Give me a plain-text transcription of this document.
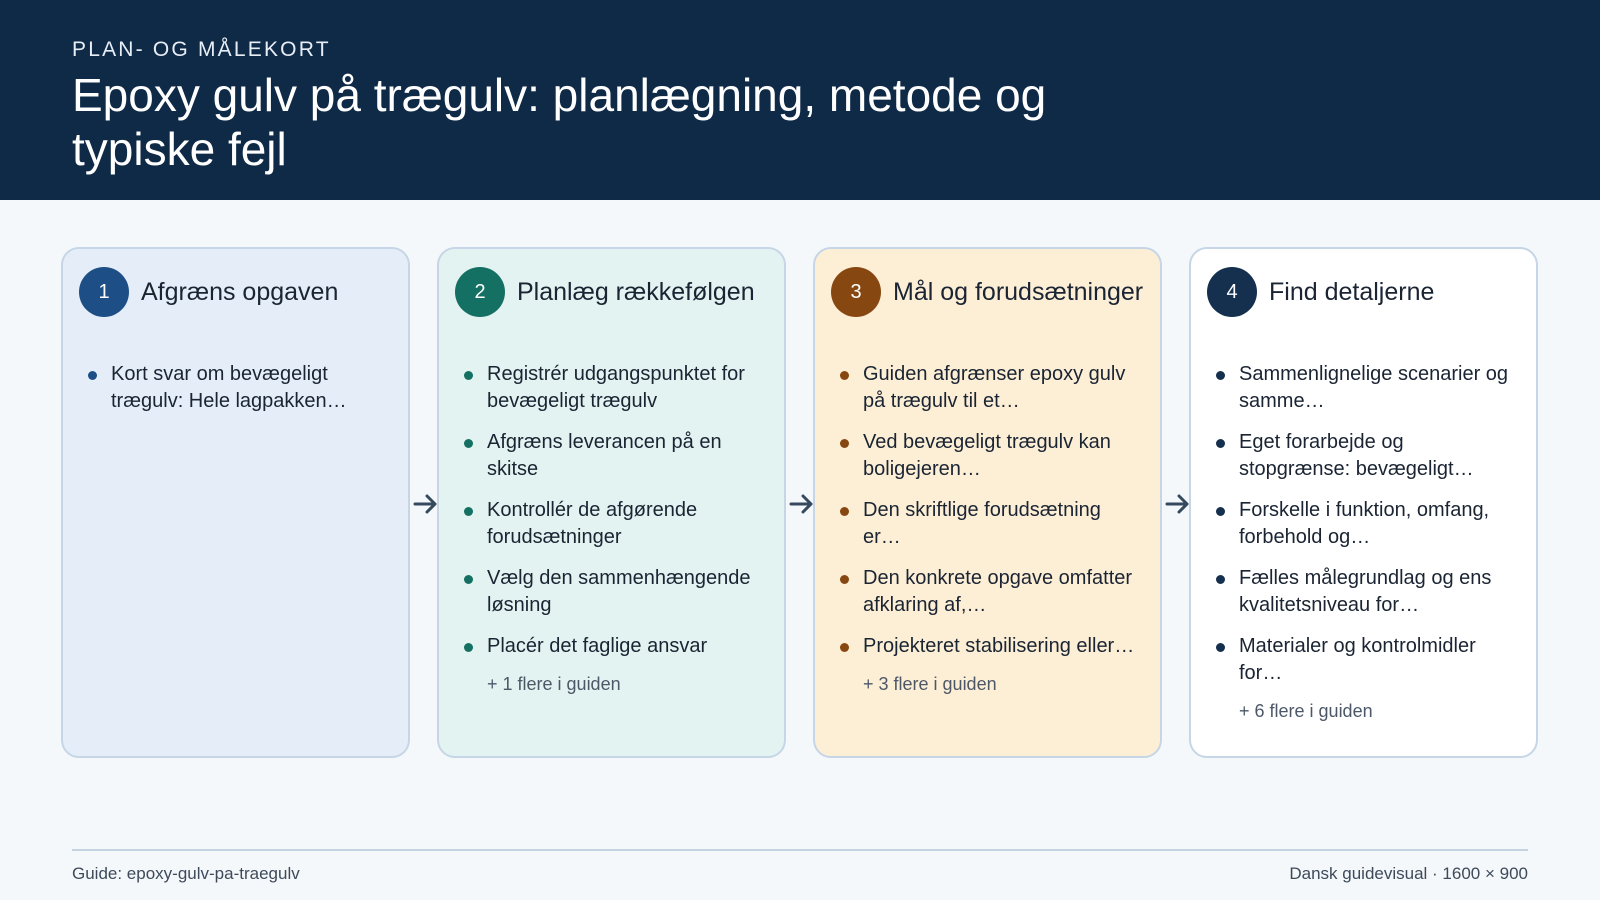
PLAN- OG MÅLEKORT
Epoxy gulv på trægulv: planlægning, metode og typiske fejl
1	Afgræns opgaven
Kort svar om bevægeligt trægulv: Hele lagpakken…
2	Planlæg rækkefølgen
Registrér udgangspunktet for bevægeligt trægulv
Afgræns leverancen på en skitse
Kontrollér de afgørende forudsætninger
Vælg den sammenhængende løsning
Placér det faglige ansvar
+ 1 flere i guiden
3	Mål og forudsætninger
Guiden afgrænser epoxy gulv på trægulv til et…
Ved bevægeligt trægulv kan boligejeren…
Den skriftlige forudsætning er…
Den konkrete opgave omfatter afklaring af,…
Projekteret stabilisering eller…
+ 3 flere i guiden
4	Find detaljerne
Sammenlignelige scenarier og samme…
Eget forarbejde og stopgrænse: bevægeligt…
Forskelle i funktion, omfang, forbehold og…
Fælles målegrundlag og ens kvalitetsniveau for…
Materialer og kontrolmidler for…
+ 6 flere i guiden
Guide: epoxy-gulv-pa-traegulv	Dansk guidevisual · 1600 × 900
